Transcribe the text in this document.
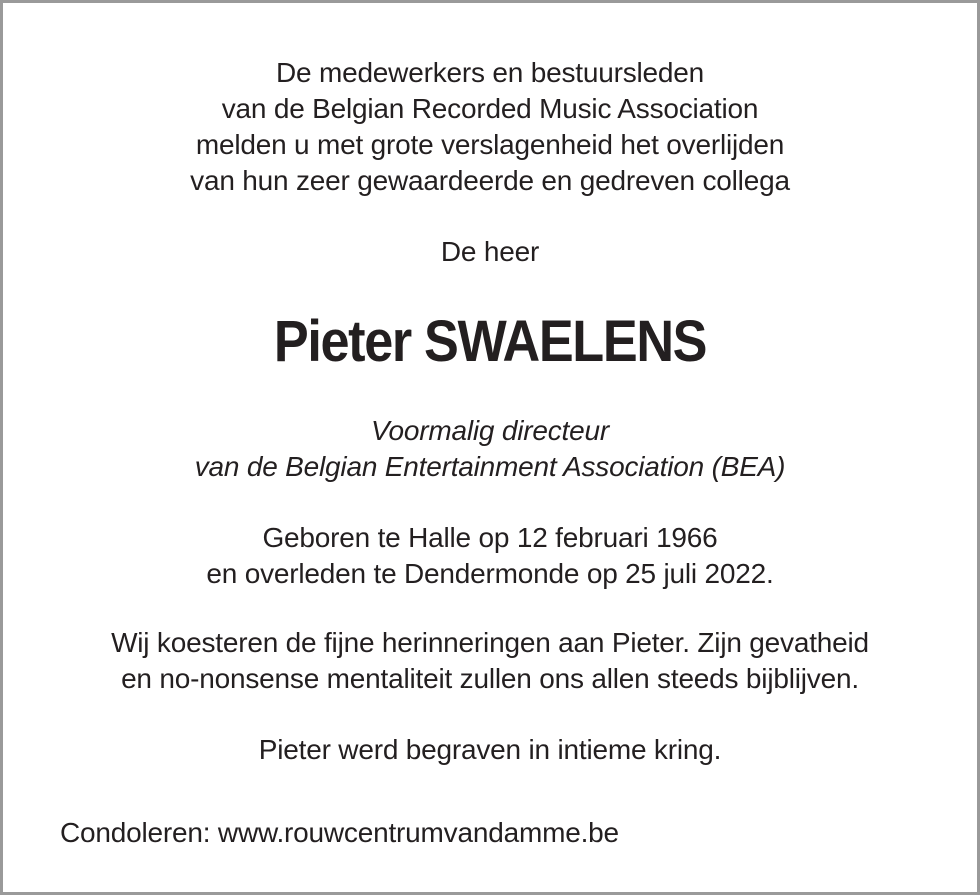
De medewerkers en bestuursleden
van de Belgian Recorded Music Association
melden u met grote verslagenheid het overlijden
van hun zeer gewaardeerde en gedreven collega
De heer
Pieter SWAELENS
Voormalig directeur
van de Belgian Entertainment Association (BEA)
Geboren te Halle op 12 februari 1966
en overleden te Dendermonde op 25 juli 2022.
Wij koesteren de fijne herinneringen aan Pieter. Zijn gevatheid
en no-nonsense mentaliteit zullen ons allen steeds bijblijven.
Pieter werd begraven in intieme kring.
Condoleren: www.rouwcentrumvandamme.be
